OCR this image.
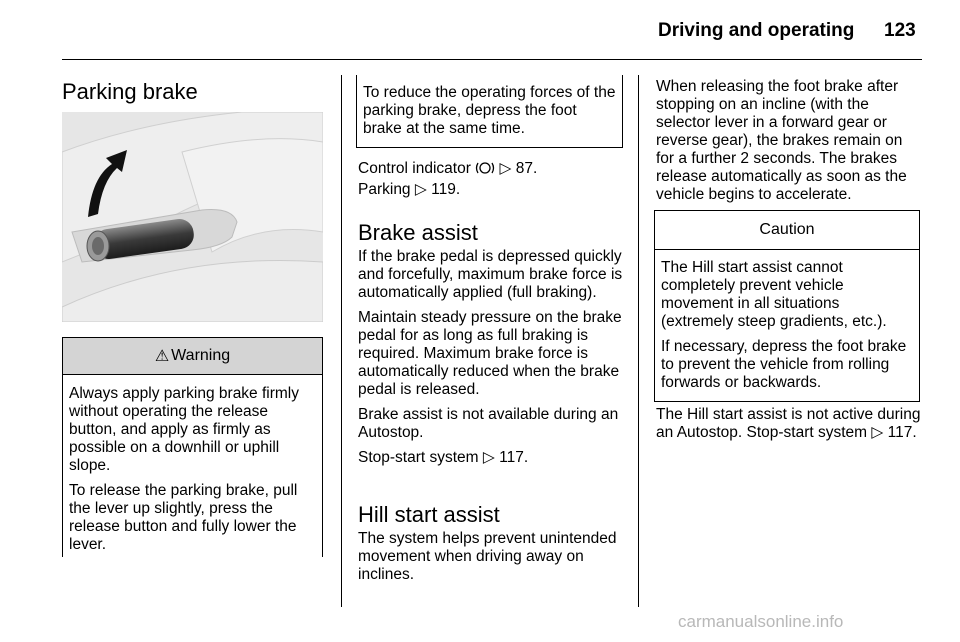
Driving and operating 123
Parking brake
⚠ Warning

Always apply parking brake firmly without operating the release button, and apply as firmly as possible on a downhill or uphill slope.

To release the parking brake, pull the lever up slightly, press the release button and fully lower the lever.

To reduce the operating forces of the parking brake, depress the foot brake at the same time.
Control indicator ▷ 87.
Parking ▷ 119.
Brake assist

If the brake pedal is depressed quickly and forcefully, maximum brake force is automatically applied (full braking).

Maintain steady pressure on the brake pedal for as long as full braking is required. Maximum brake force is automatically reduced when the brake pedal is released.

Brake assist is not available during an Autostop.

Stop-start system ▷ 117.

Hill start assist
The system helps prevent unintended movement when driving away on inclines.
When releasing the foot brake after stopping on an incline (with the selector lever in a forward gear or reverse gear), the brakes remain on for a further 2 seconds. The brakes release automatically as soon as the vehicle begins to accelerate.
Caution

The Hill start assist cannot completely prevent vehicle movement in all situations (extremely steep gradients, etc.).

If necessary, depress the foot brake to prevent the vehicle from rolling forwards or backwards.

The Hill start assist is not active during an Autostop. Stop-start system ▷ 117.
carmanualsonline.info
